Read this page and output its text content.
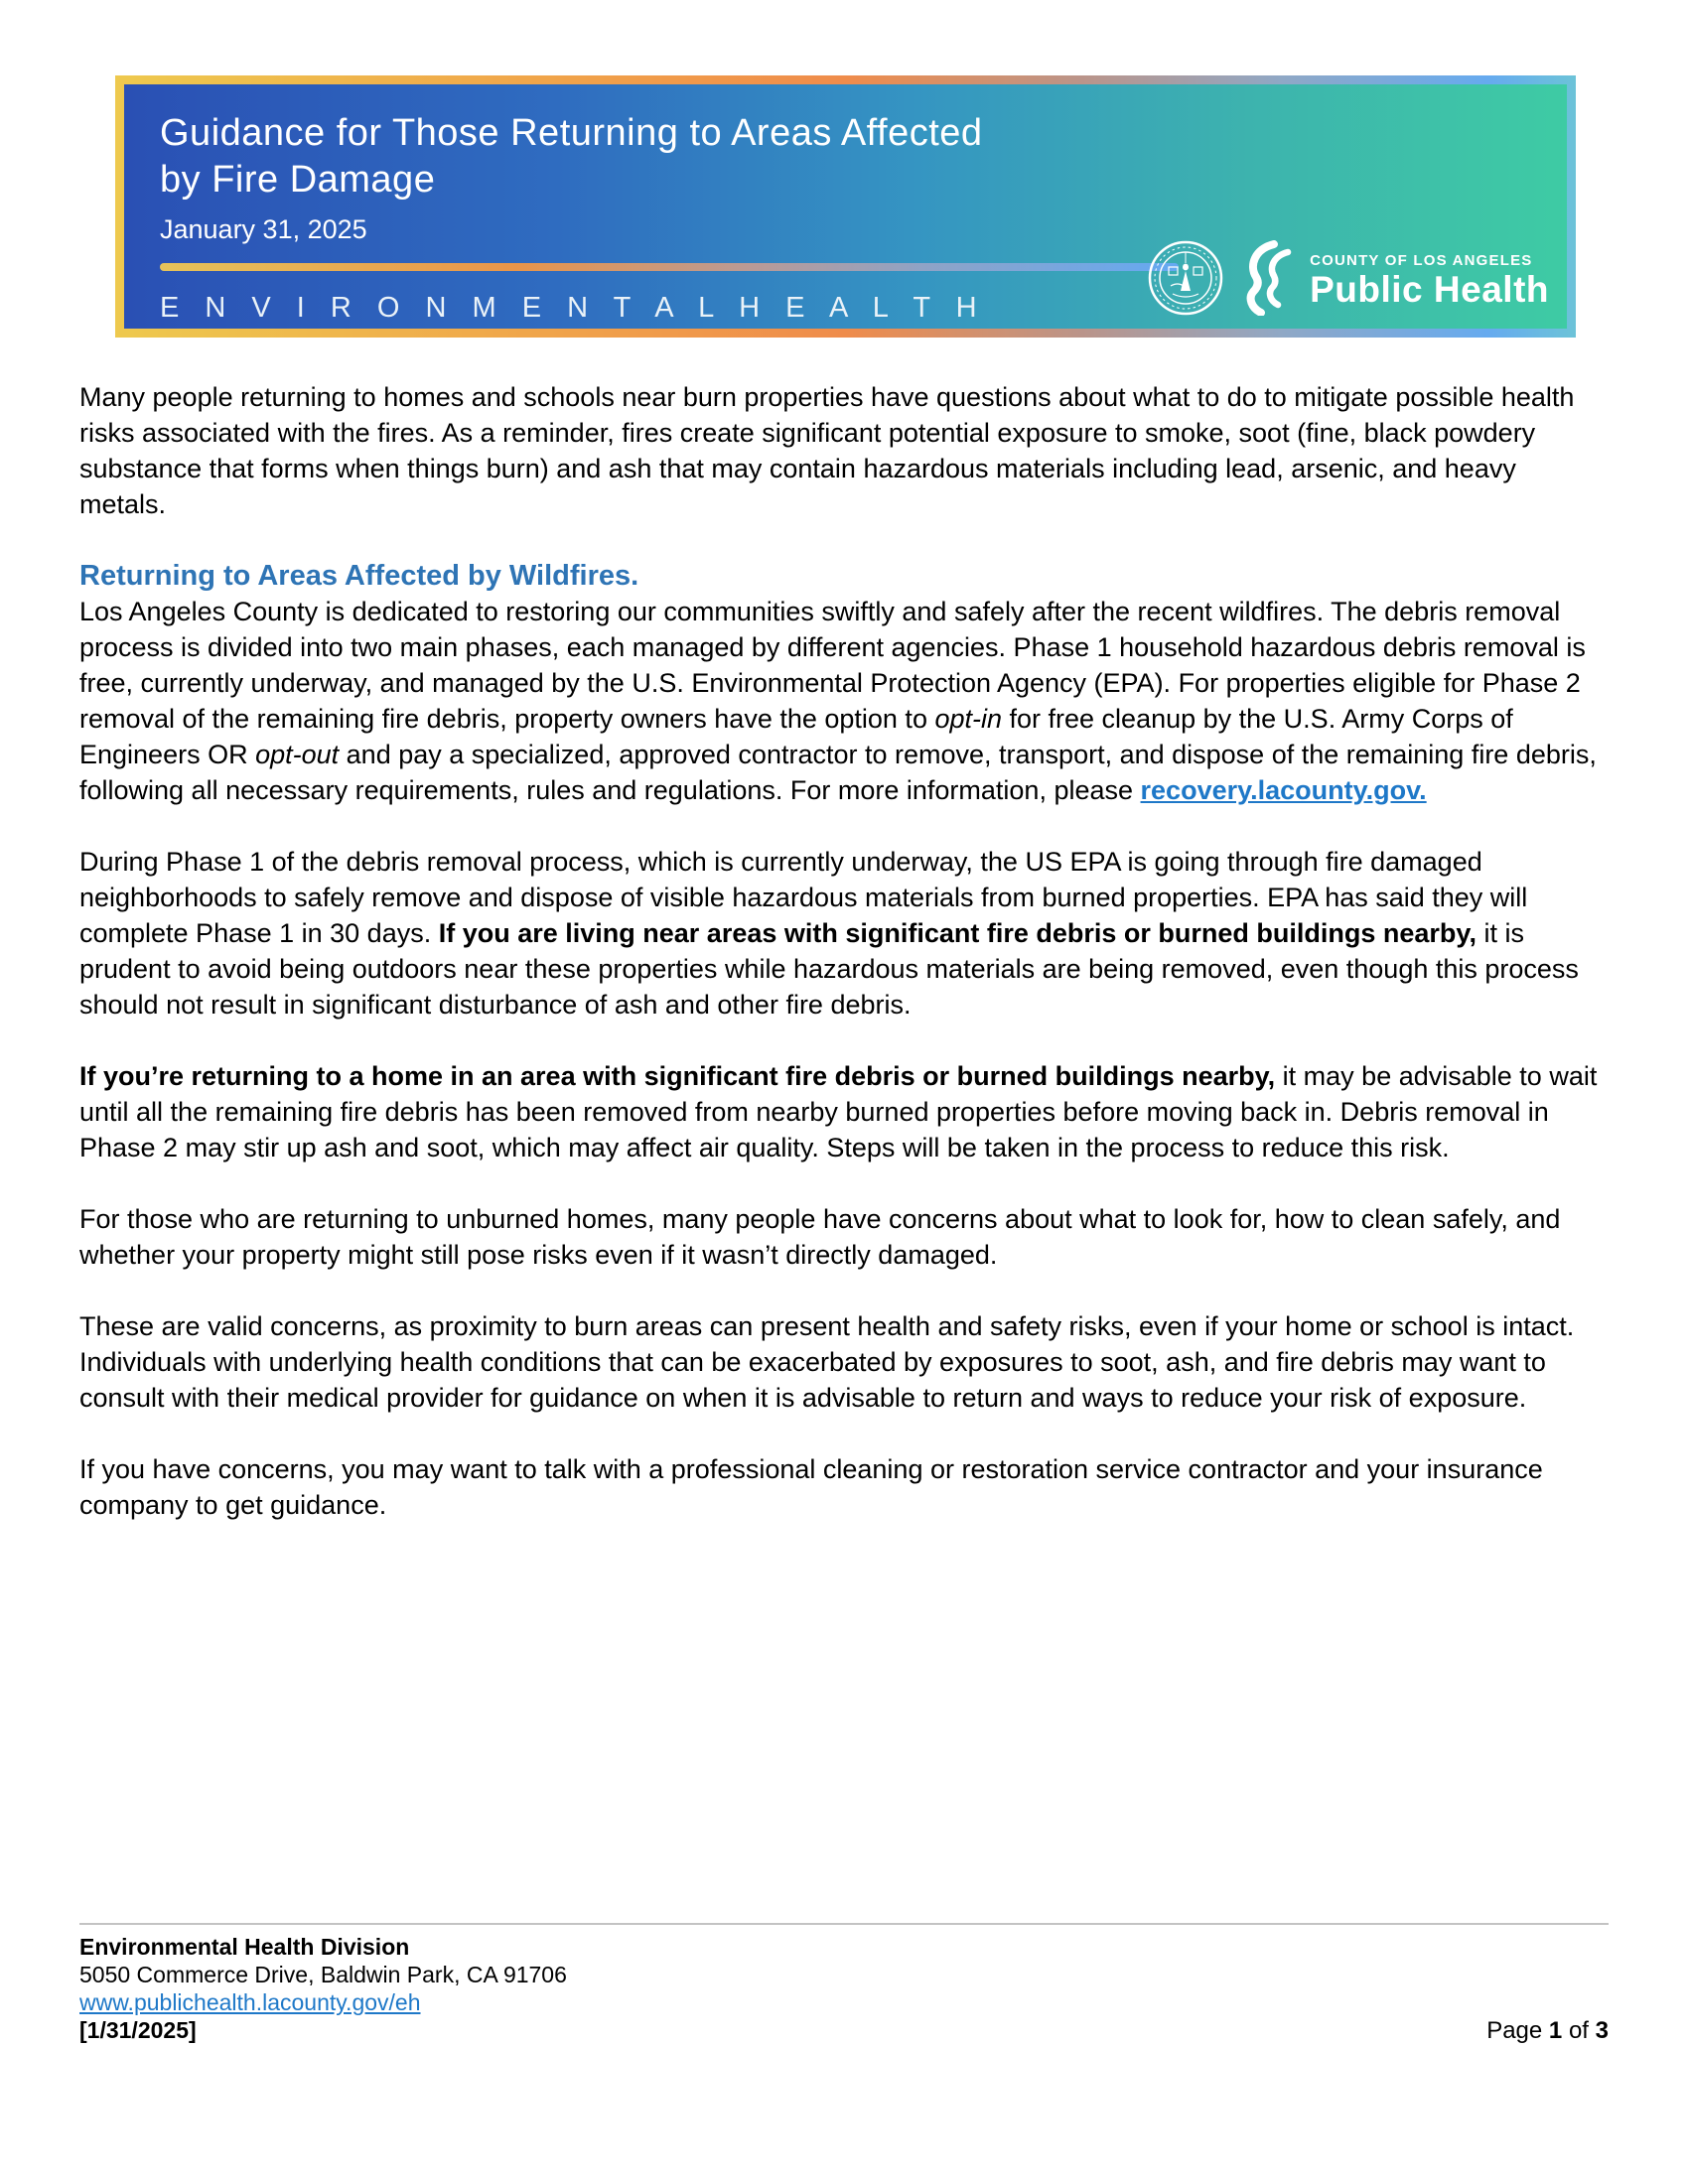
Guidance for Those Returning to Areas Affected
by Fire Damage
January 31, 2025
E N V I R O N M E N T A L H E A L T H
COUNTY OF LOS ANGELES
Public Health

Many people returning to homes and schools near burn properties have questions about what to do to mitigate possible health risks associated with the fires. As a reminder, fires create significant potential exposure to smoke, soot (fine, black powdery substance that forms when things burn) and ash that may contain hazardous materials including lead, arsenic, and heavy metals.

Returning to Areas Affected by Wildfires.

Los Angeles County is dedicated to restoring our communities swiftly and safely after the recent wildfires. The debris removal process is divided into two main phases, each managed by different agencies. Phase 1 household hazardous debris removal is free, currently underway, and managed by the U.S. Environmental Protection Agency (EPA). For properties eligible for Phase 2 removal of the remaining fire debris, property owners have the option to opt-in for free cleanup by the U.S. Army Corps of Engineers OR opt-out and pay a specialized, approved contractor to remove, transport, and dispose of the remaining fire debris, following all necessary requirements, rules and regulations. For more information, please recovery.lacounty.gov.

During Phase 1 of the debris removal process, which is currently underway, the US EPA is going through fire damaged neighborhoods to safely remove and dispose of visible hazardous materials from burned properties. EPA has said they will complete Phase 1 in 30 days. If you are living near areas with significant fire debris or burned buildings nearby, it is prudent to avoid being outdoors near these properties while hazardous materials are being removed, even though this process should not result in significant disturbance of ash and other fire debris.

If you’re returning to a home in an area with significant fire debris or burned buildings nearby, it may be advisable to wait until all the remaining fire debris has been removed from nearby burned properties before moving back in. Debris removal in Phase 2 may stir up ash and soot, which may affect air quality. Steps will be taken in the process to reduce this risk.

For those who are returning to unburned homes, many people have concerns about what to look for, how to clean safely, and whether your property might still pose risks even if it wasn’t directly damaged.

These are valid concerns, as proximity to burn areas can present health and safety risks, even if your home or school is intact. Individuals with underlying health conditions that can be exacerbated by exposures to soot, ash, and fire debris may want to consult with their medical provider for guidance on when it is advisable to return and ways to reduce your risk of exposure.

If you have concerns, you may want to talk with a professional cleaning or restoration service contractor and your insurance company to get guidance.

Environmental Health Division
5050 Commerce Drive, Baldwin Park, CA 91706
www.publichealth.lacounty.gov/eh
[1/31/2025]	Page 1 of 3
